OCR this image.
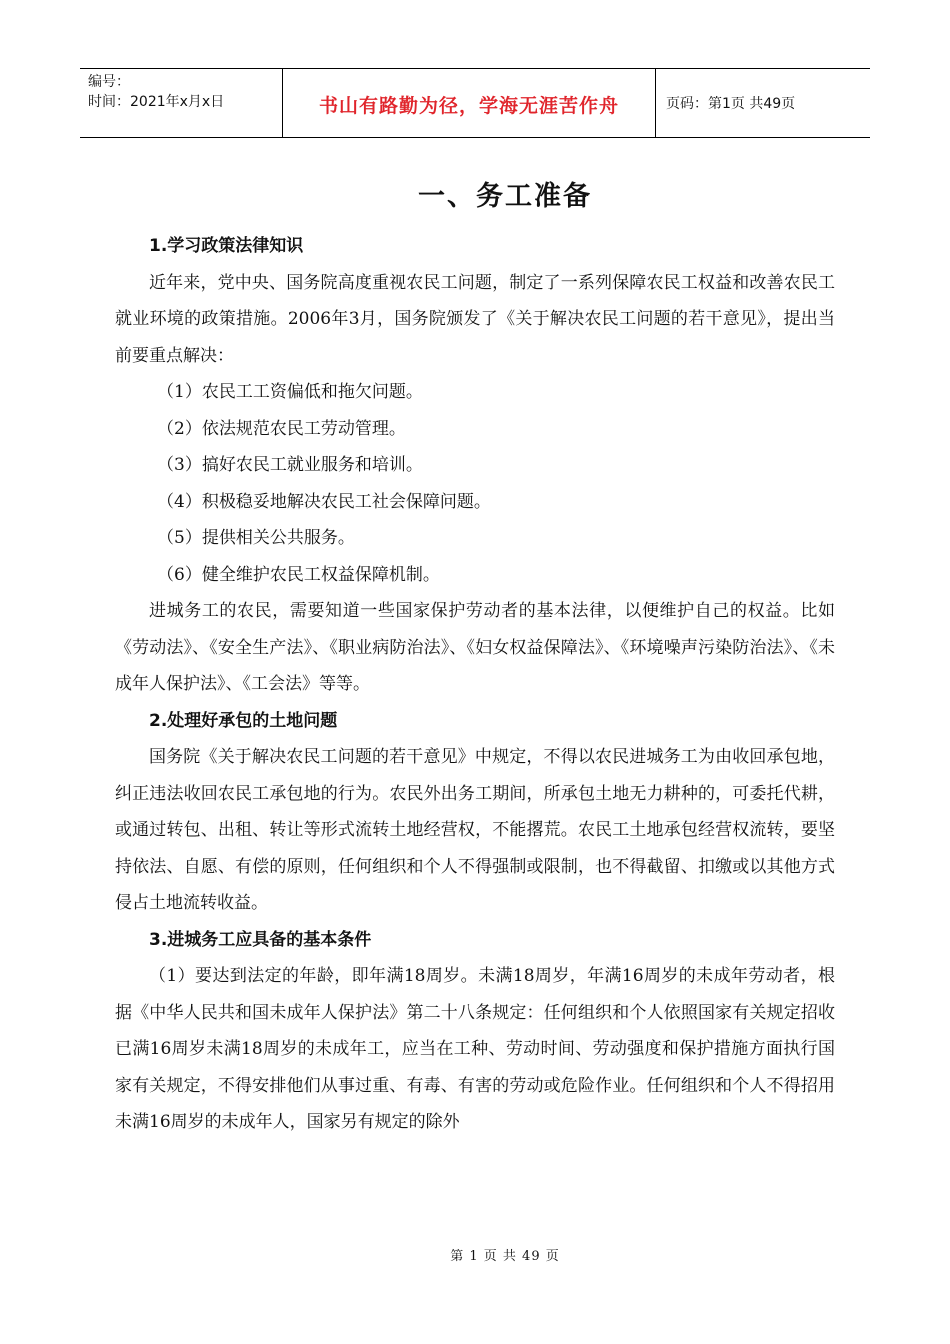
编号：
时间：2021年x月x日	书山有路勤为径，学海无涯苦作舟	页码：第1页 共49页
一、务工准备

1.学习政策法律知识

近年来，党中央、国务院高度重视农民工问题，制定了一系列保障农民工权益和改善农民工就业环境的政策措施。2006年3月，国务院颁发了《关于解决农民工问题的若干意见》，提出当前要重点解决：

（1）农民工工资偏低和拖欠问题。

（2）依法规范农民工劳动管理。

（3）搞好农民工就业服务和培训。

（4）积极稳妥地解决农民工社会保障问题。

（5）提供相关公共服务。

（6）健全维护农民工权益保障机制。

进城务工的农民，需要知道一些国家保护劳动者的基本法律，以便维护自己的权益。比如《劳动法》、《安全生产法》、《职业病防治法》、《妇女权益保障法》、《环境噪声污染防治法》、《未成年人保护法》、《工会法》等等。

2.处理好承包的土地问题

国务院《关于解决农民工问题的若干意见》中规定，不得以农民进城务工为由收回承包地，纠正违法收回农民工承包地的行为。农民外出务工期间，所承包土地无力耕种的，可委托代耕，或通过转包、出租、转让等形式流转土地经营权，不能撂荒。农民工土地承包经营权流转，要坚持依法、自愿、有偿的原则，任何组织和个人不得强制或限制，也不得截留、扣缴或以其他方式侵占土地流转收益。

3.进城务工应具备的基本条件

（1）要达到法定的年龄，即年满18周岁。未满18周岁，年满16周岁的未成年劳动者，根据《中华人民共和国未成年人保护法》第二十八条规定：任何组织和个人依照国家有关规定招收已满16周岁未满18周岁的未成年工，应当在工种、劳动时间、劳动强度和保护措施方面执行国家有关规定，不得安排他们从事过重、有毒、有害的劳动或危险作业。任何组织和个人不得招用未满16周岁的未成年人，国家另有规定的除外

第 1 页 共 49 页
